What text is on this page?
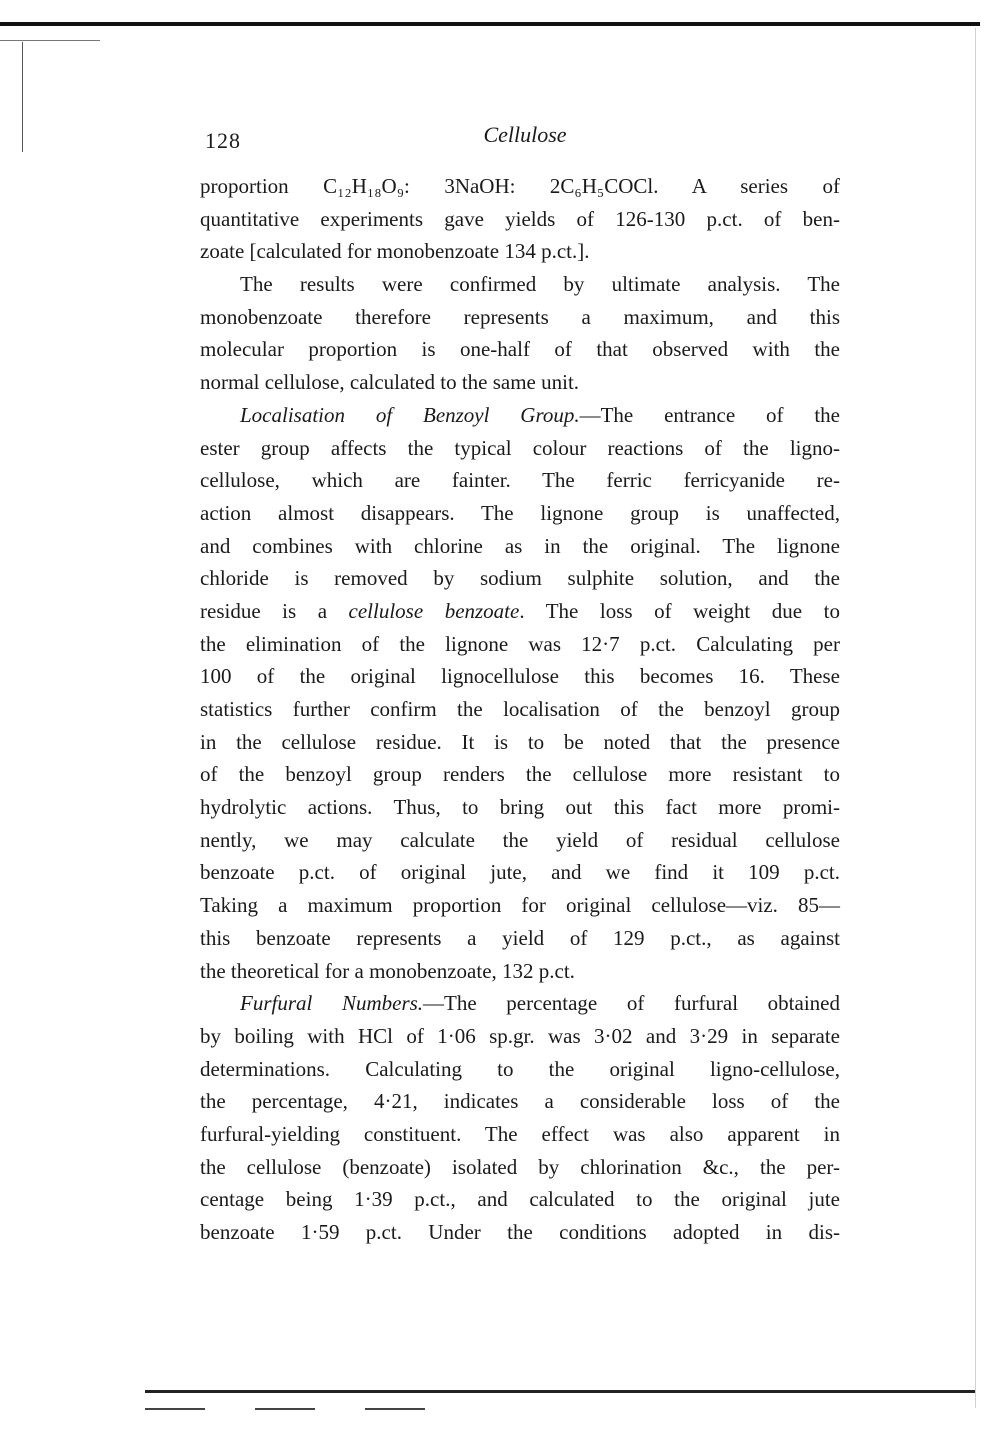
128	Cellulose
proportion C₁₂H₁₈O₉: 3NaOH: 2C₆H₅COCl. A series of
quantitative experiments gave yields of 126-130 p.ct. of ben-
zoate [calculated for monobenzoate 134 p.ct.].
The results were confirmed by ultimate analysis. The
monobenzoate therefore represents a maximum, and this
molecular proportion is one-half of that observed with the
normal cellulose, calculated to the same unit.
Localisation of Benzoyl Group.—The entrance of the
ester group affects the typical colour reactions of the ligno-
cellulose, which are fainter. The ferric ferricyanide re-
action almost disappears. The lignone group is unaffected,
and combines with chlorine as in the original. The lignone
chloride is removed by sodium sulphite solution, and the
residue is a cellulose benzoate. The loss of weight due to
the elimination of the lignone was 12·7 p.ct. Calculating per
100 of the original lignocellulose this becomes 16. These
statistics further confirm the localisation of the benzoyl group
in the cellulose residue. It is to be noted that the presence
of the benzoyl group renders the cellulose more resistant to
hydrolytic actions. Thus, to bring out this fact more promi-
nently, we may calculate the yield of residual cellulose
benzoate p.ct. of original jute, and we find it 109 p.ct.
Taking a maximum proportion for original cellulose—viz. 85—
this benzoate represents a yield of 129 p.ct., as against
the theoretical for a monobenzoate, 132 p.ct.
Furfural Numbers.—The percentage of furfural obtained
by boiling with HCl of 1·06 sp.gr. was 3·02 and 3·29 in separate
determinations. Calculating to the original ligno-cellulose,
the percentage, 4·21, indicates a considerable loss of the
furfural-yielding constituent. The effect was also apparent in
the cellulose (benzoate) isolated by chlorination &c., the per-
centage being 1·39 p.ct., and calculated to the original jute
benzoate 1·59 p.ct. Under the conditions adopted in dis-
